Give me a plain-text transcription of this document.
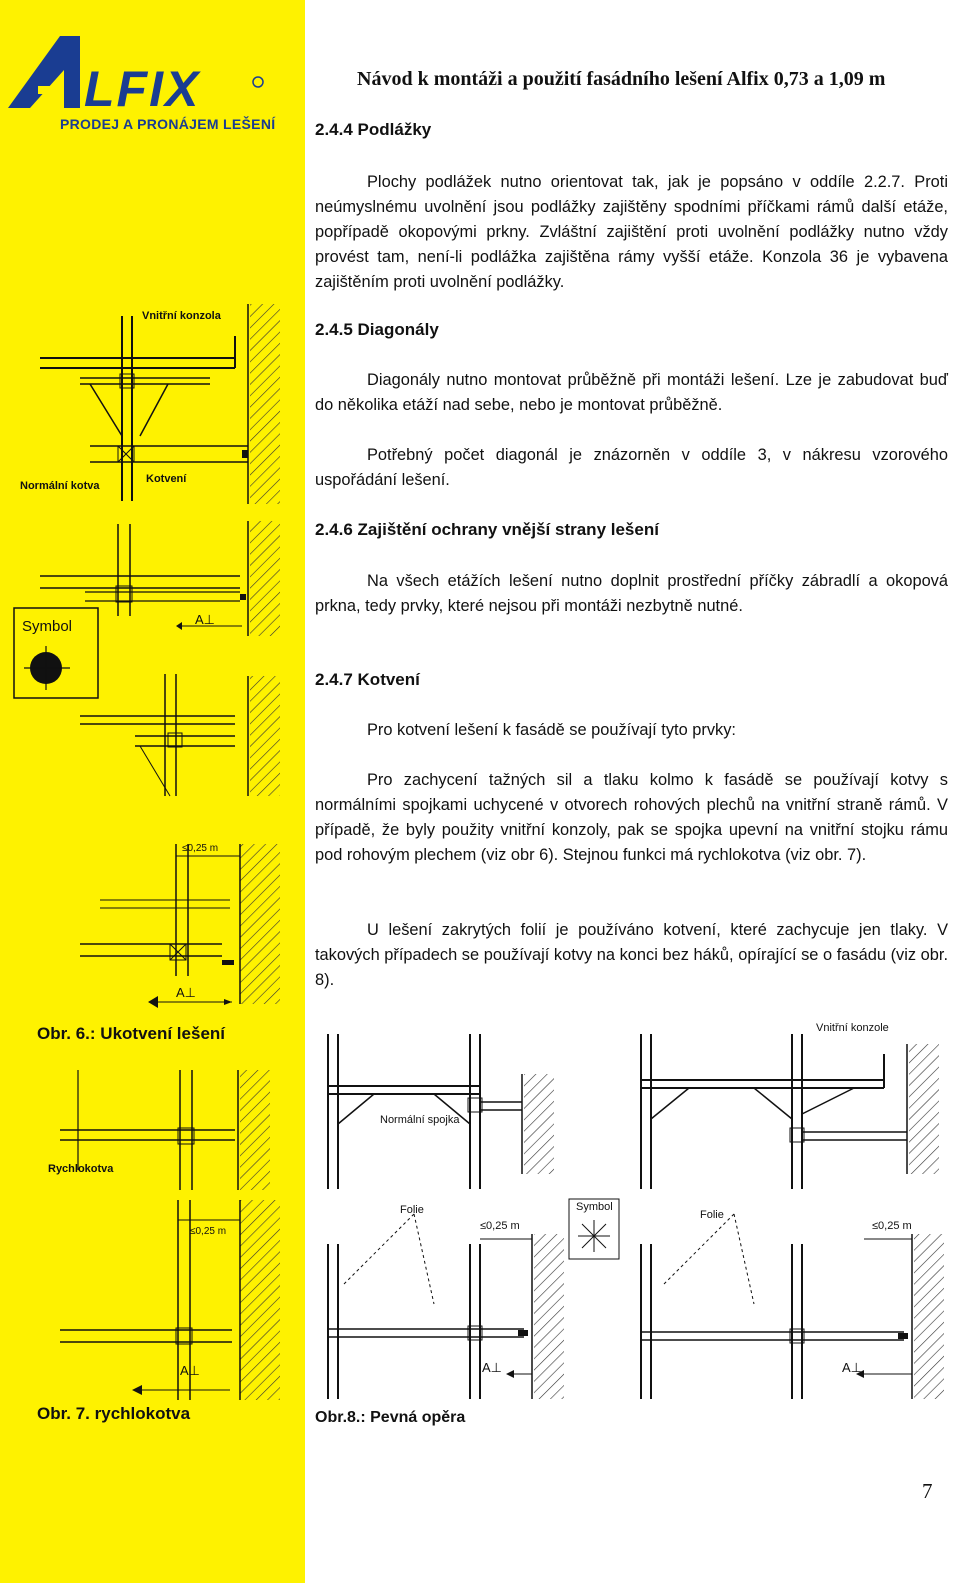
LFIX
PRODEJ A PRONÁJEM LEŠENÍ
Vnitřní konzola
Normální kotva
Kotvení
Symbol	A⊥
≤0,25 m
A⊥
Rychlokotva
≤0,25 m
A⊥
Obr. 6.: Ukotvení lešení
Obr. 7. rychlokotva
Návod k montáži a použití fasádního lešení Alfix 0,73 a 1,09 m
2.4.4 Podlážky
Plochy podlážek nutno orientovat tak, jak je popsáno v oddíle 2.2.7. Proti neúmyslnému uvolnění jsou podlážky zajištěny spodními příčkami rámů další etáže, popřípadě okopovými prkny. Zvláštní zajištění proti uvolnění podlážky nutno vždy provést tam, není-li podlážka zajištěna rámy vyšší etáže. Konzola 36 je vybavena zajištěním proti uvolnění podlážky.
2.4.5 Diagonály
Diagonály nutno montovat průběžně při montáži lešení. Lze je zabudovat buď do několika etáží nad sebe, nebo je montovat průběžně.
Potřebný počet diagonál je znázorněn v oddíle 3, v nákresu vzorového uspořádání lešení.
2.4.6 Zajištění ochrany vnější strany lešení
Na všech etážích lešení nutno doplnit prostřední příčky zábradlí a okopová prkna, tedy prvky, které nejsou při montáži nezbytně nutné.
2.4.7 Kotvení
Pro kotvení lešení k fasádě se používají tyto prvky:
Pro zachycení tažných sil a tlaku kolmo k fasádě se používají kotvy s normálními spojkami uchycené v otvorech rohových plechů na vnitřní straně rámů. V případě, že byly použity vnitřní konzoly, pak se spojka upevní na vnitřní stojku rámu pod rohovým plechem (viz obr 6). Stejnou funkci má rychlokotva (viz obr. 7).
U lešení zakrytých folií je používáno kotvení, které zachycuje jen tlaky. V takových případech se používají kotvy na konci bez háků, opírající se o fasádu (viz obr. 8).
Normální spojka
Vnitřní konzole
Folie	Folie
Symbol
≤0,25 m	≤0,25 m
A⊥	A⊥
Obr.8.: Pevná opěra
7
